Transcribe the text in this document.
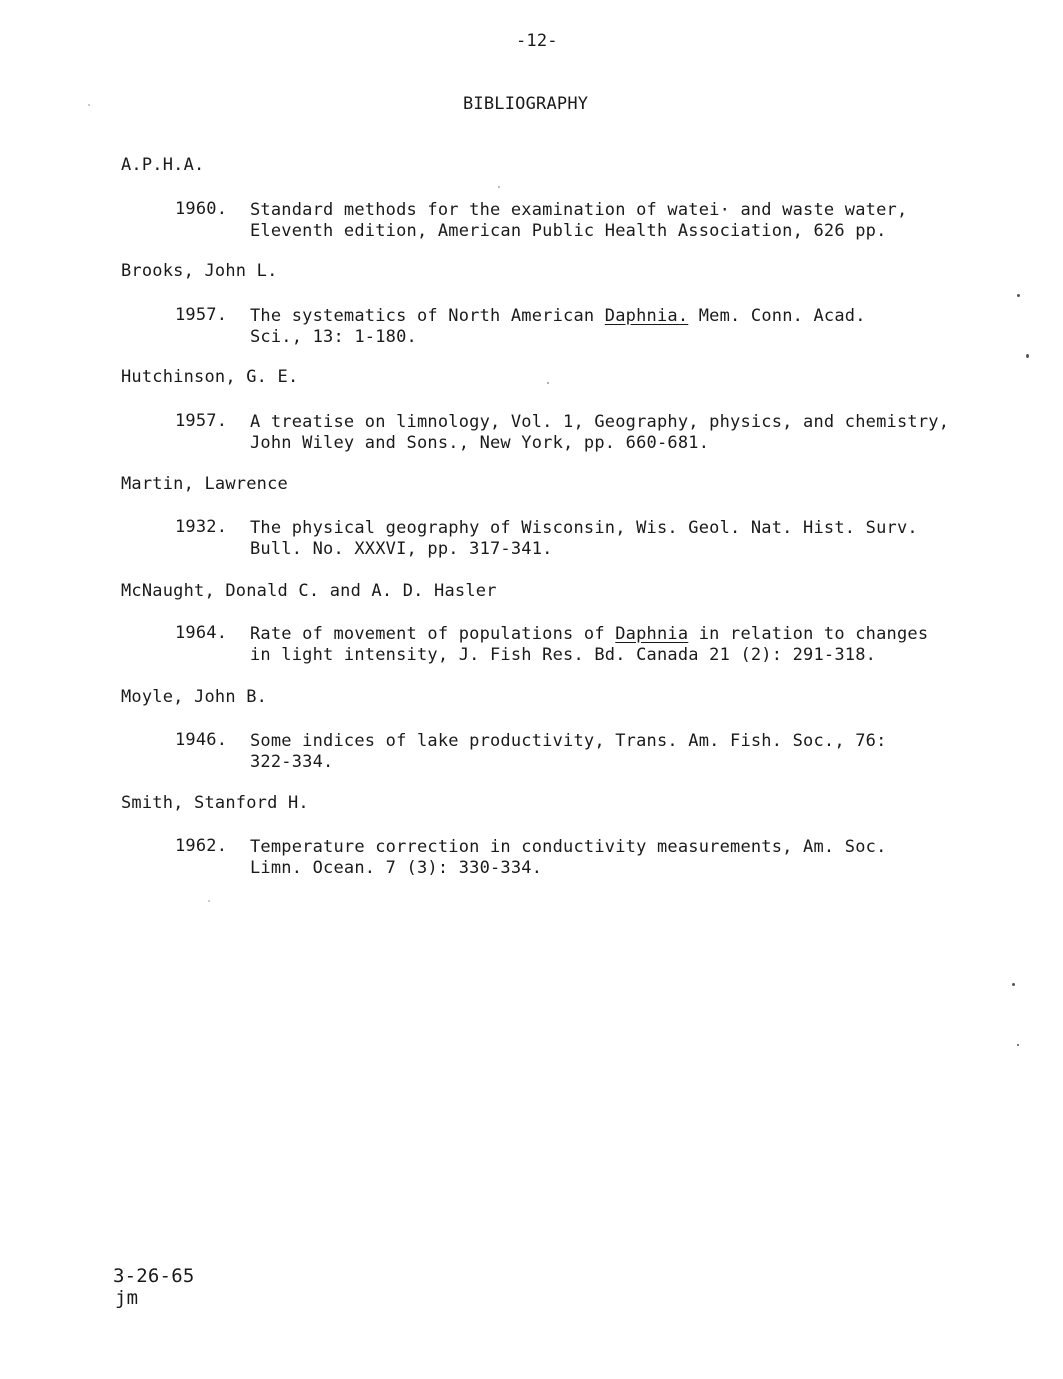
-12-
BIBLIOGRAPHY
A.P.H.A.
1960. Standard methods for the examination of watei· and waste water,
Eleventh edition, American Public Health Association, 626 pp.
Brooks, John L.
1957. The systematics of North American Daphnia. Mem. Conn. Acad.
Sci., 13: 1-180.
Hutchinson, G. E.
1957. A treatise on limnology, Vol. 1, Geography, physics, and chemistry,
John Wiley and Sons., New York, pp. 660-681.
Martin, Lawrence
1932. The physical geography of Wisconsin, Wis. Geol. Nat. Hist. Surv.
Bull. No. XXXVI, pp. 317-341.
McNaught, Donald C. and A. D. Hasler
1964. Rate of movement of populations of Daphnia in relation to changes
in light intensity, J. Fish Res. Bd. Canada 21 (2): 291-318.
Moyle, John B.
1946. Some indices of lake productivity, Trans. Am. Fish. Soc., 76:
322-334.
Smith, Stanford H.
1962. Temperature correction in conductivity measurements, Am. Soc.
Limn. Ocean. 7 (3): 330-334.
3-26-65
jm
